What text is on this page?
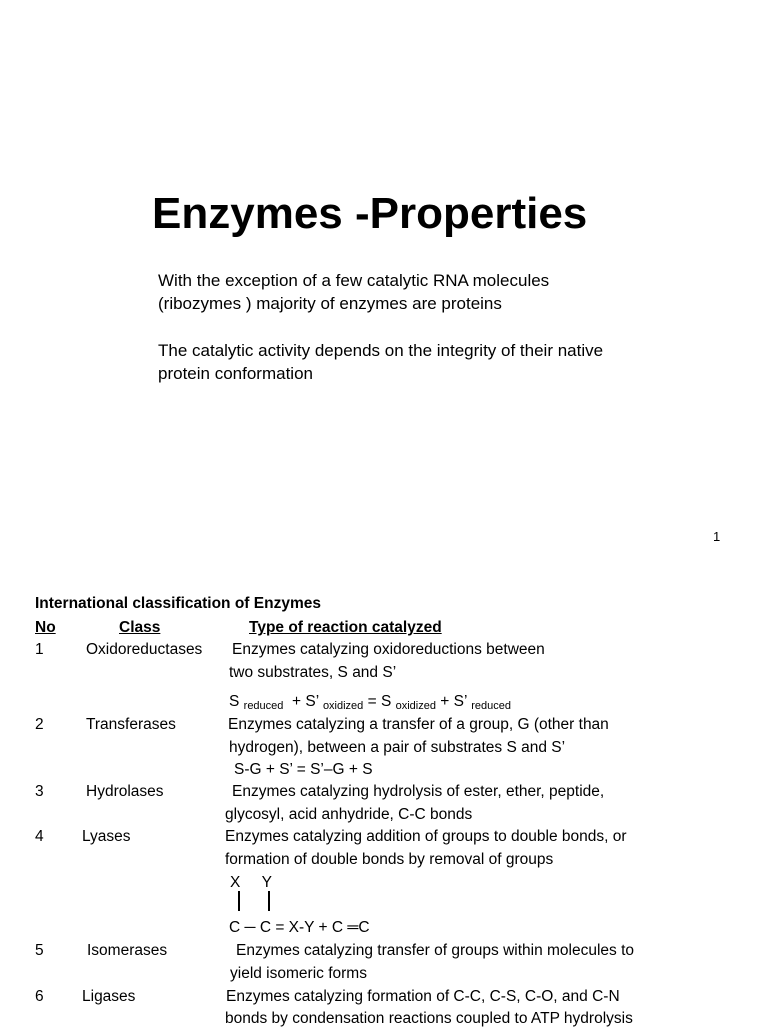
Enzymes -Properties
With the exception of a few catalytic RNA molecules
(ribozymes ) majority of enzymes are proteins
The catalytic activity depends on the integrity of their native
protein conformation
1
International classification of Enzymes
No	Class	Type of reaction catalyzed
1	Oxidoreductases Enzymes catalyzing oxidoreductions between
two substrates, S and S’
S $_{reduced}$ + S’ $_{oxidized}$ = S $_{oxidized}$ + S’ $_{reduced}$
2	Transferases	Enzymes catalyzing a transfer of a group, G (other than
hydrogen), between a pair of substrates S and S’
S-G + S’ = S’–G + S
3	Hydrolases	Enzymes catalyzing hydrolysis of ester, ether, peptide,
glycosyl, acid anhydride, C-C bonds
4 Lyases	Enzymes catalyzing addition of groups to double bonds, or
formation of double bonds by removal of groups
X     Y
C ─ C = X-Y + C ═C
5	Isomerases	Enzymes catalyzing transfer of groups within molecules to
yield isomeric forms
6 Ligases	Enzymes catalyzing formation of C-C, C-S, C-O, and C-N
bonds by condensation reactions coupled to ATP hydrolysis
